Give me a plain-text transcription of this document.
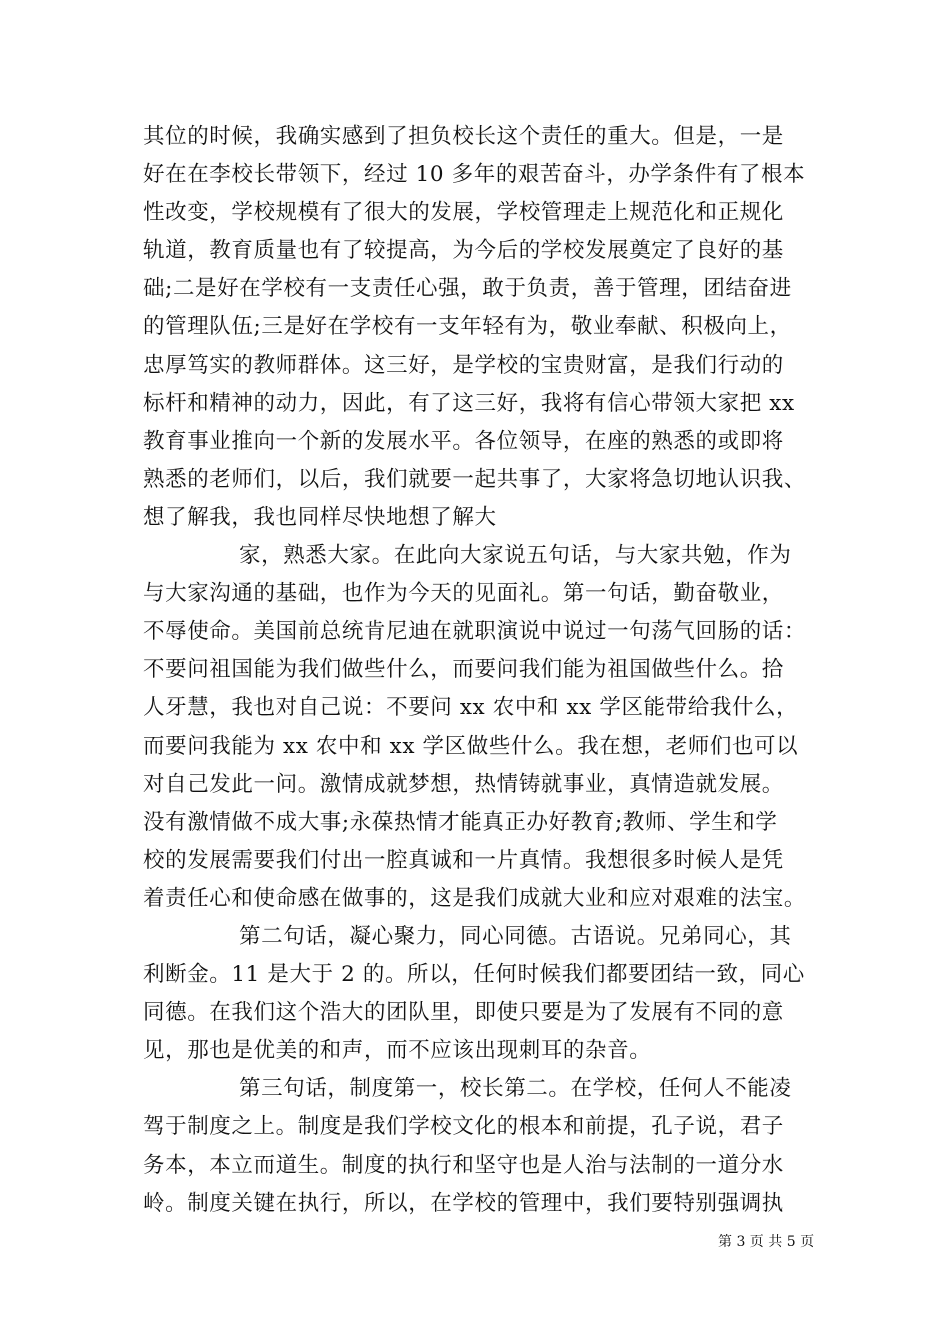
其位的时候，我确实感到了担负校长这个责任的重大。但是，一是
好在在李校长带领下，经过 10 多年的艰苦奋斗，办学条件有了根本
性改变，学校规模有了很大的发展，学校管理走上规范化和正规化
轨道，教育质量也有了较提高，为今后的学校发展奠定了良好的基
础;二是好在学校有一支责任心强，敢于负责，善于管理，团结奋进
的管理队伍;三是好在学校有一支年轻有为，敬业奉献、积极向上，
忠厚笃实的教师群体。这三好，是学校的宝贵财富，是我们行动的
标杆和精神的动力，因此，有了这三好，我将有信心带领大家把 xx
教育事业推向一个新的发展水平。各位领导，在座的熟悉的或即将
熟悉的老师们，以后，我们就要一起共事了，大家将急切地认识我、
想了解我，我也同样尽快地想了解大
家，熟悉大家。在此向大家说五句话，与大家共勉，作为
与大家沟通的基础，也作为今天的见面礼。第一句话，勤奋敬业，
不辱使命。美国前总统肯尼迪在就职演说中说过一句荡气回肠的话：
不要问祖国能为我们做些什么，而要问我们能为祖国做些什么。拾
人牙慧，我也对自己说：不要问 xx 农中和 xx 学区能带给我什么，
而要问我能为 xx 农中和 xx 学区做些什么。我在想，老师们也可以
对自己发此一问。激情成就梦想，热情铸就事业，真情造就发展。
没有激情做不成大事;永葆热情才能真正办好教育;教师、学生和学
校的发展需要我们付出一腔真诚和一片真情。我想很多时候人是凭
着责任心和使命感在做事的，这是我们成就大业和应对艰难的法宝。
第二句话，凝心聚力，同心同德。古语说。兄弟同心，其
利断金。11 是大于 2 的。所以，任何时候我们都要团结一致，同心
同德。在我们这个浩大的团队里，即使只要是为了发展有不同的意
见，那也是优美的和声，而不应该出现刺耳的杂音。
第三句话，制度第一，校长第二。在学校，任何人不能凌
驾于制度之上。制度是我们学校文化的根本和前提，孔子说，君子
务本，本立而道生。制度的执行和坚守也是人治与法制的一道分水
岭。制度关键在执行，所以，在学校的管理中，我们要特别强调执
第 3 页 共 5 页
